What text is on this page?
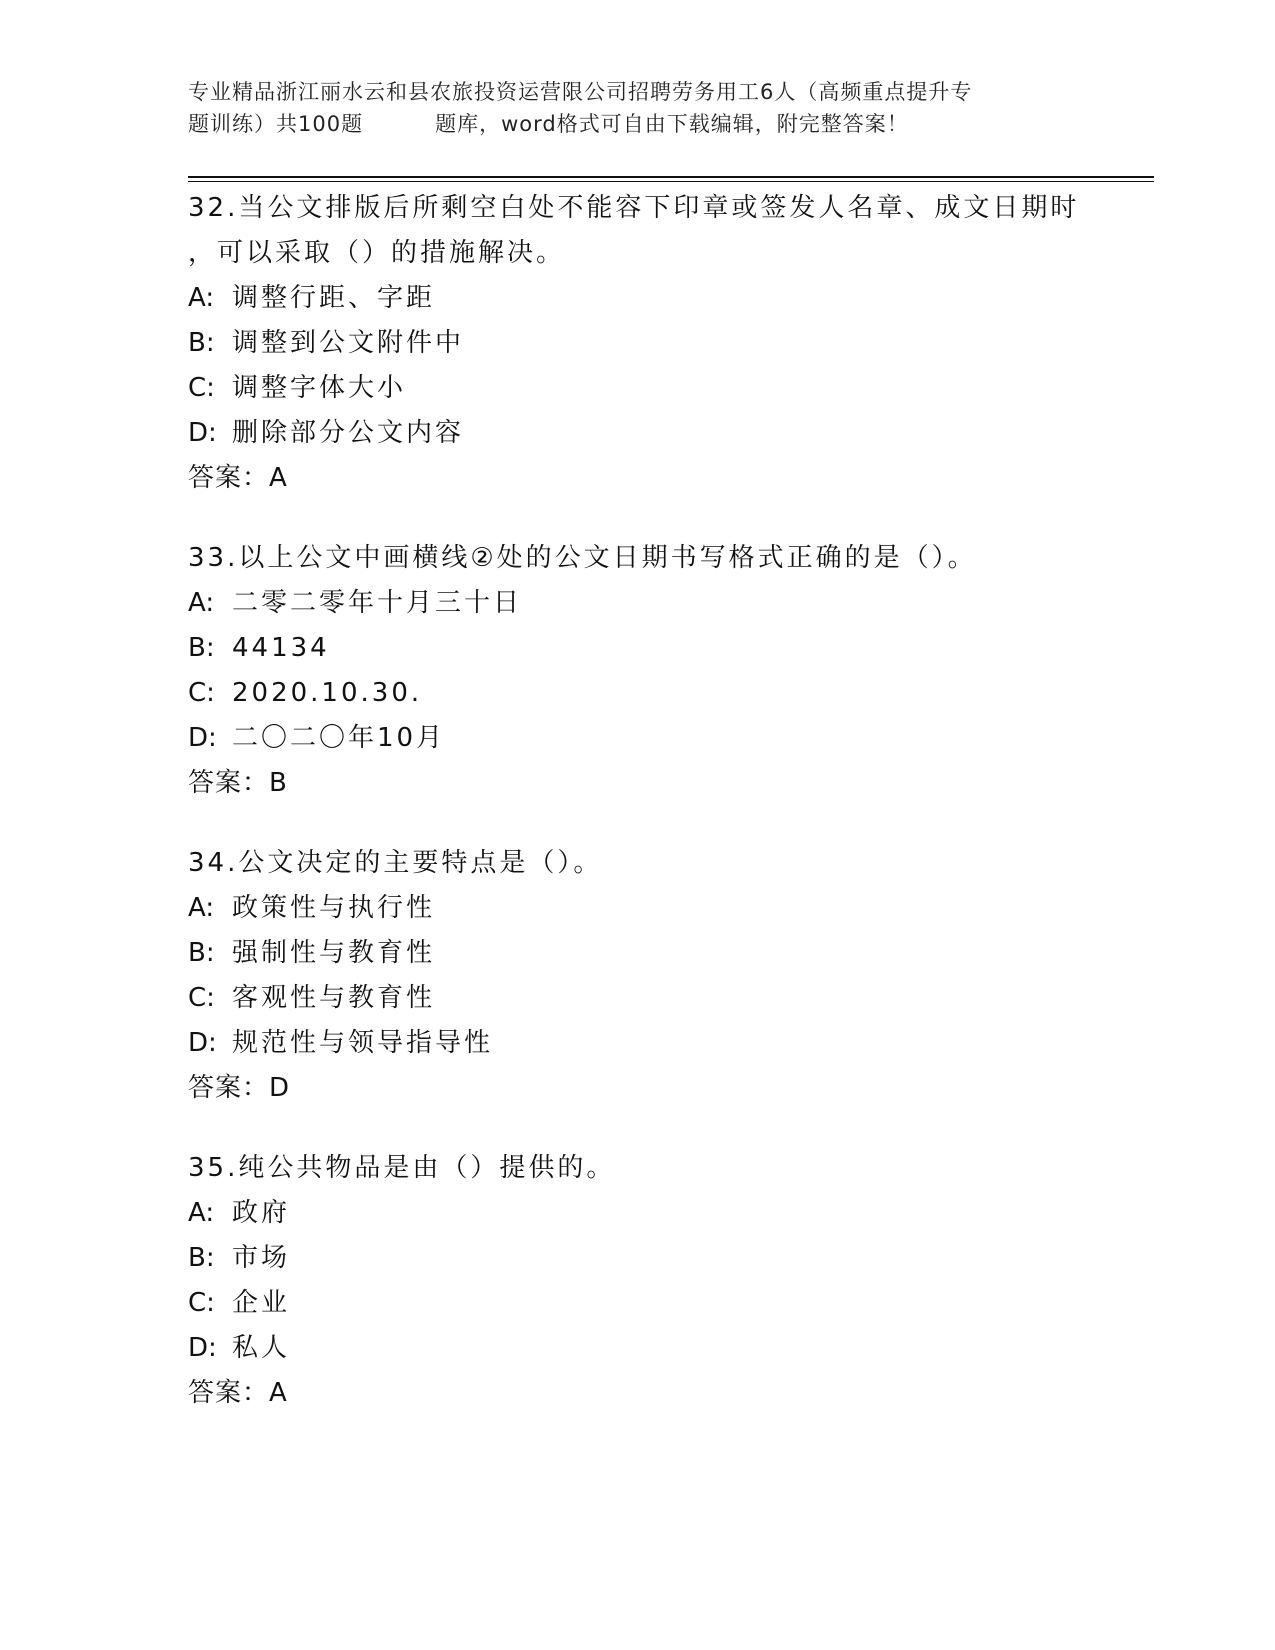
专业精品浙江丽水云和县农旅投资运营限公司招聘劳务用工6人（高频重点提升专
题训练）共100题	题库，word格式可自由下载编辑，附完整答案！
32.当公文排版后所剩空白处不能容下印章或签发人名章、成文日期时
，可以采取（）的措施解决。
A: 调整行距、字距
B: 调整到公文附件中
C: 调整字体大小
D: 删除部分公文内容
答案：A
33.以上公文中画横线②处的公文日期书写格式正确的是（）。
A: 二零二零年十月三十日
B: 44134
C: 2020.10.30.
D: 二〇二〇年10月
答案：B
34.公文决定的主要特点是（）。
A: 政策性与执行性
B: 强制性与教育性
C: 客观性与教育性
D: 规范性与领导指导性
答案：D
35.纯公共物品是由（）提供的。
A: 政府
B: 市场
C: 企业
D: 私人
答案：A
